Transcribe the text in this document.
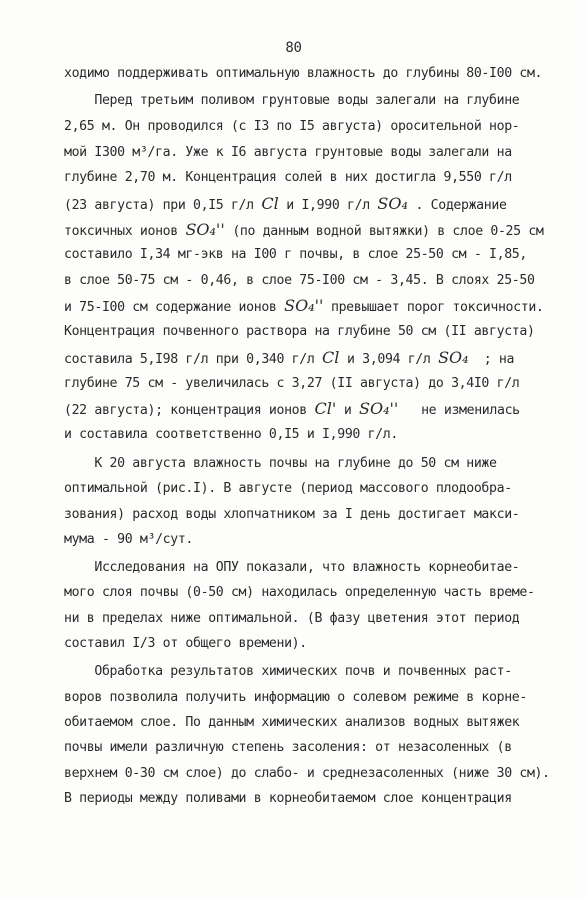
80
ходимо поддерживать оптимальную влажность до глубины 80-I00 см.
Перед третьим поливом грунтовые воды залегали на глубине
2,65 м. Он проводился (с I3 по I5 августа) оросительной нор-
мой I300 м³/га. Уже к I6 августа грунтовые воды залегали на
глубине 2,70 м. Концентрация солей в них достигла 9,550 г/л
(23 августа) при 0,I5 г/л Cl и I,990 г/л SO₄ . Содержание
токсичных ионов SO₄'' (по данным водной вытяжки) в слое 0-25 см
составило I,34 мг-экв на I00 г почвы, в слое 25-50 см - I,85,
в слое 50-75 см - 0,46, в слое 75-I00 см - 3,45. В слоях 25-50
и 75-I00 см содержание ионов SO₄'' превышает порог токсичности.
Концентрация почвенного раствора на глубине 50 см (II августа)
составила 5,I98 г/л при 0,340 г/л Cl и 3,094 г/л SO₄  ; на
глубине 75 см - увеличилась с 3,27 (II августа) до 3,4I0 г/л
(22 августа); концентрация ионов Cl' и SO₄''   не изменилась
и составила соответственно 0,I5 и I,990 г/л.
К 20 августа влажность почвы на глубине до 50 см ниже
оптимальной (рис.I). В августе (период массового плодообра-
зования) расход воды хлопчатником за I день достигает макси-
мума - 90 м³/сут.
Исследования на ОПУ показали, что влажность корнеобитае-
мого слоя почвы (0-50 см) находилась определенную часть време-
ни в пределах ниже оптимальной. (В фазу цветения этот период
составил I/3 от общего времени).
Обработка результатов химических почв и почвенных раст-
воров позволила получить информацию о солевом режиме в корне-
обитаемом слое. По данным химических анализов водных вытяжек
почвы имели различную степень засоления: от незасоленных (в
верхнем 0-30 см слое) до слабо- и среднезасоленных (ниже 30 см).
В периоды между поливами в корнеобитаемом слое концентрация
